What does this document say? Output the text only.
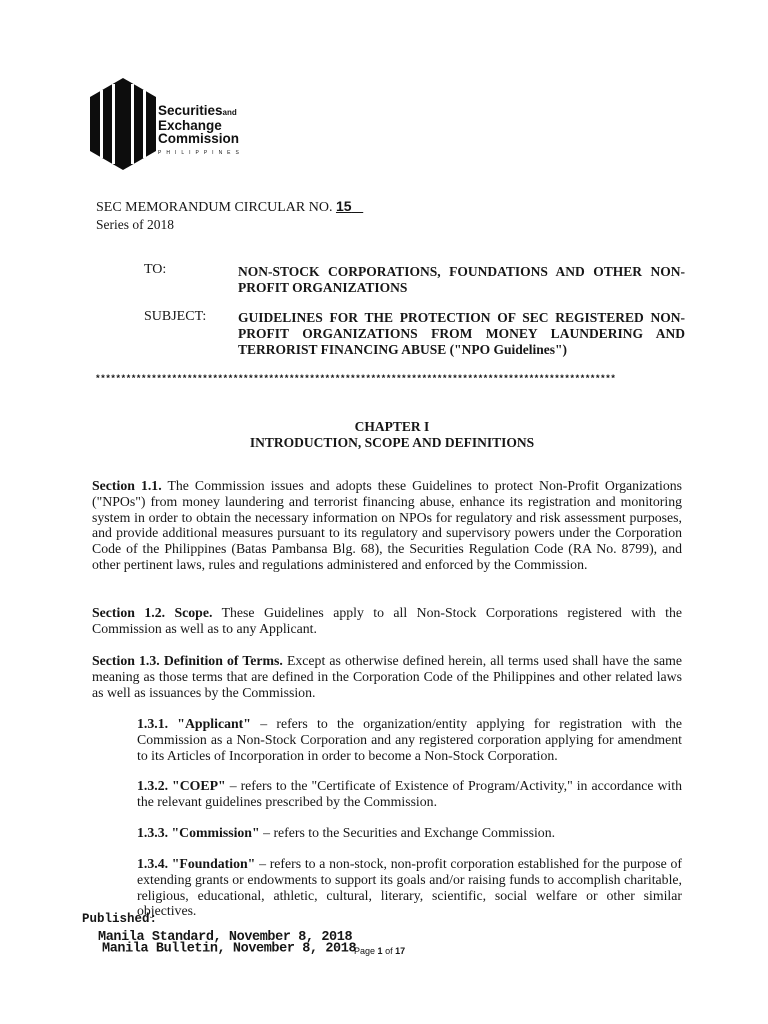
Securitiesand
Exchange
Commission
PHILIPPINES
SEC MEMORANDUM CIRCULAR NO. 15
Series of 2018
TO:	NON-STOCK CORPORATIONS, FOUNDATIONS AND OTHER NON-PROFIT ORGANIZATIONS
SUBJECT: GUIDELINES FOR THE PROTECTION OF SEC REGISTERED NON-PROFIT ORGANIZATIONS FROM MONEY LAUNDERING AND TERRORIST FINANCING ABUSE ("NPO Guidelines")
******************************************************************************************************
CHAPTER I
INTRODUCTION, SCOPE AND DEFINITIONS
Section 1.1. The Commission issues and adopts these Guidelines to protect Non-Profit Organizations ("NPOs") from money laundering and terrorist financing abuse, enhance its registration and monitoring system in order to obtain the necessary information on NPOs for regulatory and risk assessment purposes, and provide additional measures pursuant to its regulatory and supervisory powers under the Corporation Code of the Philippines (Batas Pambansa Blg. 68), the Securities Regulation Code (RA No. 8799), and other pertinent laws, rules and regulations administered and enforced by the Commission.
Section 1.2. Scope. These Guidelines apply to all Non-Stock Corporations registered with the Commission as well as to any Applicant.
Section 1.3. Definition of Terms. Except as otherwise defined herein, all terms used shall have the same meaning as those terms that are defined in the Corporation Code of the Philippines and other related laws as well as issuances by the Commission.
1.3.1. "Applicant" – refers to the organization/entity applying for registration with the Commission as a Non-Stock Corporation and any registered corporation applying for amendment to its Articles of Incorporation in order to become a Non-Stock Corporation.
1.3.2. "COEP" – refers to the "Certificate of Existence of Program/Activity," in accordance with the relevant guidelines prescribed by the Commission.
1.3.3. "Commission" – refers to the Securities and Exchange Commission.
1.3.4. "Foundation" – refers to a non-stock, non-profit corporation established for the purpose of extending grants or endowments to support its goals and/or raising funds to accomplish charitable, religious, educational, athletic, cultural, literary, scientific, social welfare or other similar objectives.
Published:
Manila Standard, November 8, 2018
Manila Bulletin, November 8, 2018
Page 1 of 17
